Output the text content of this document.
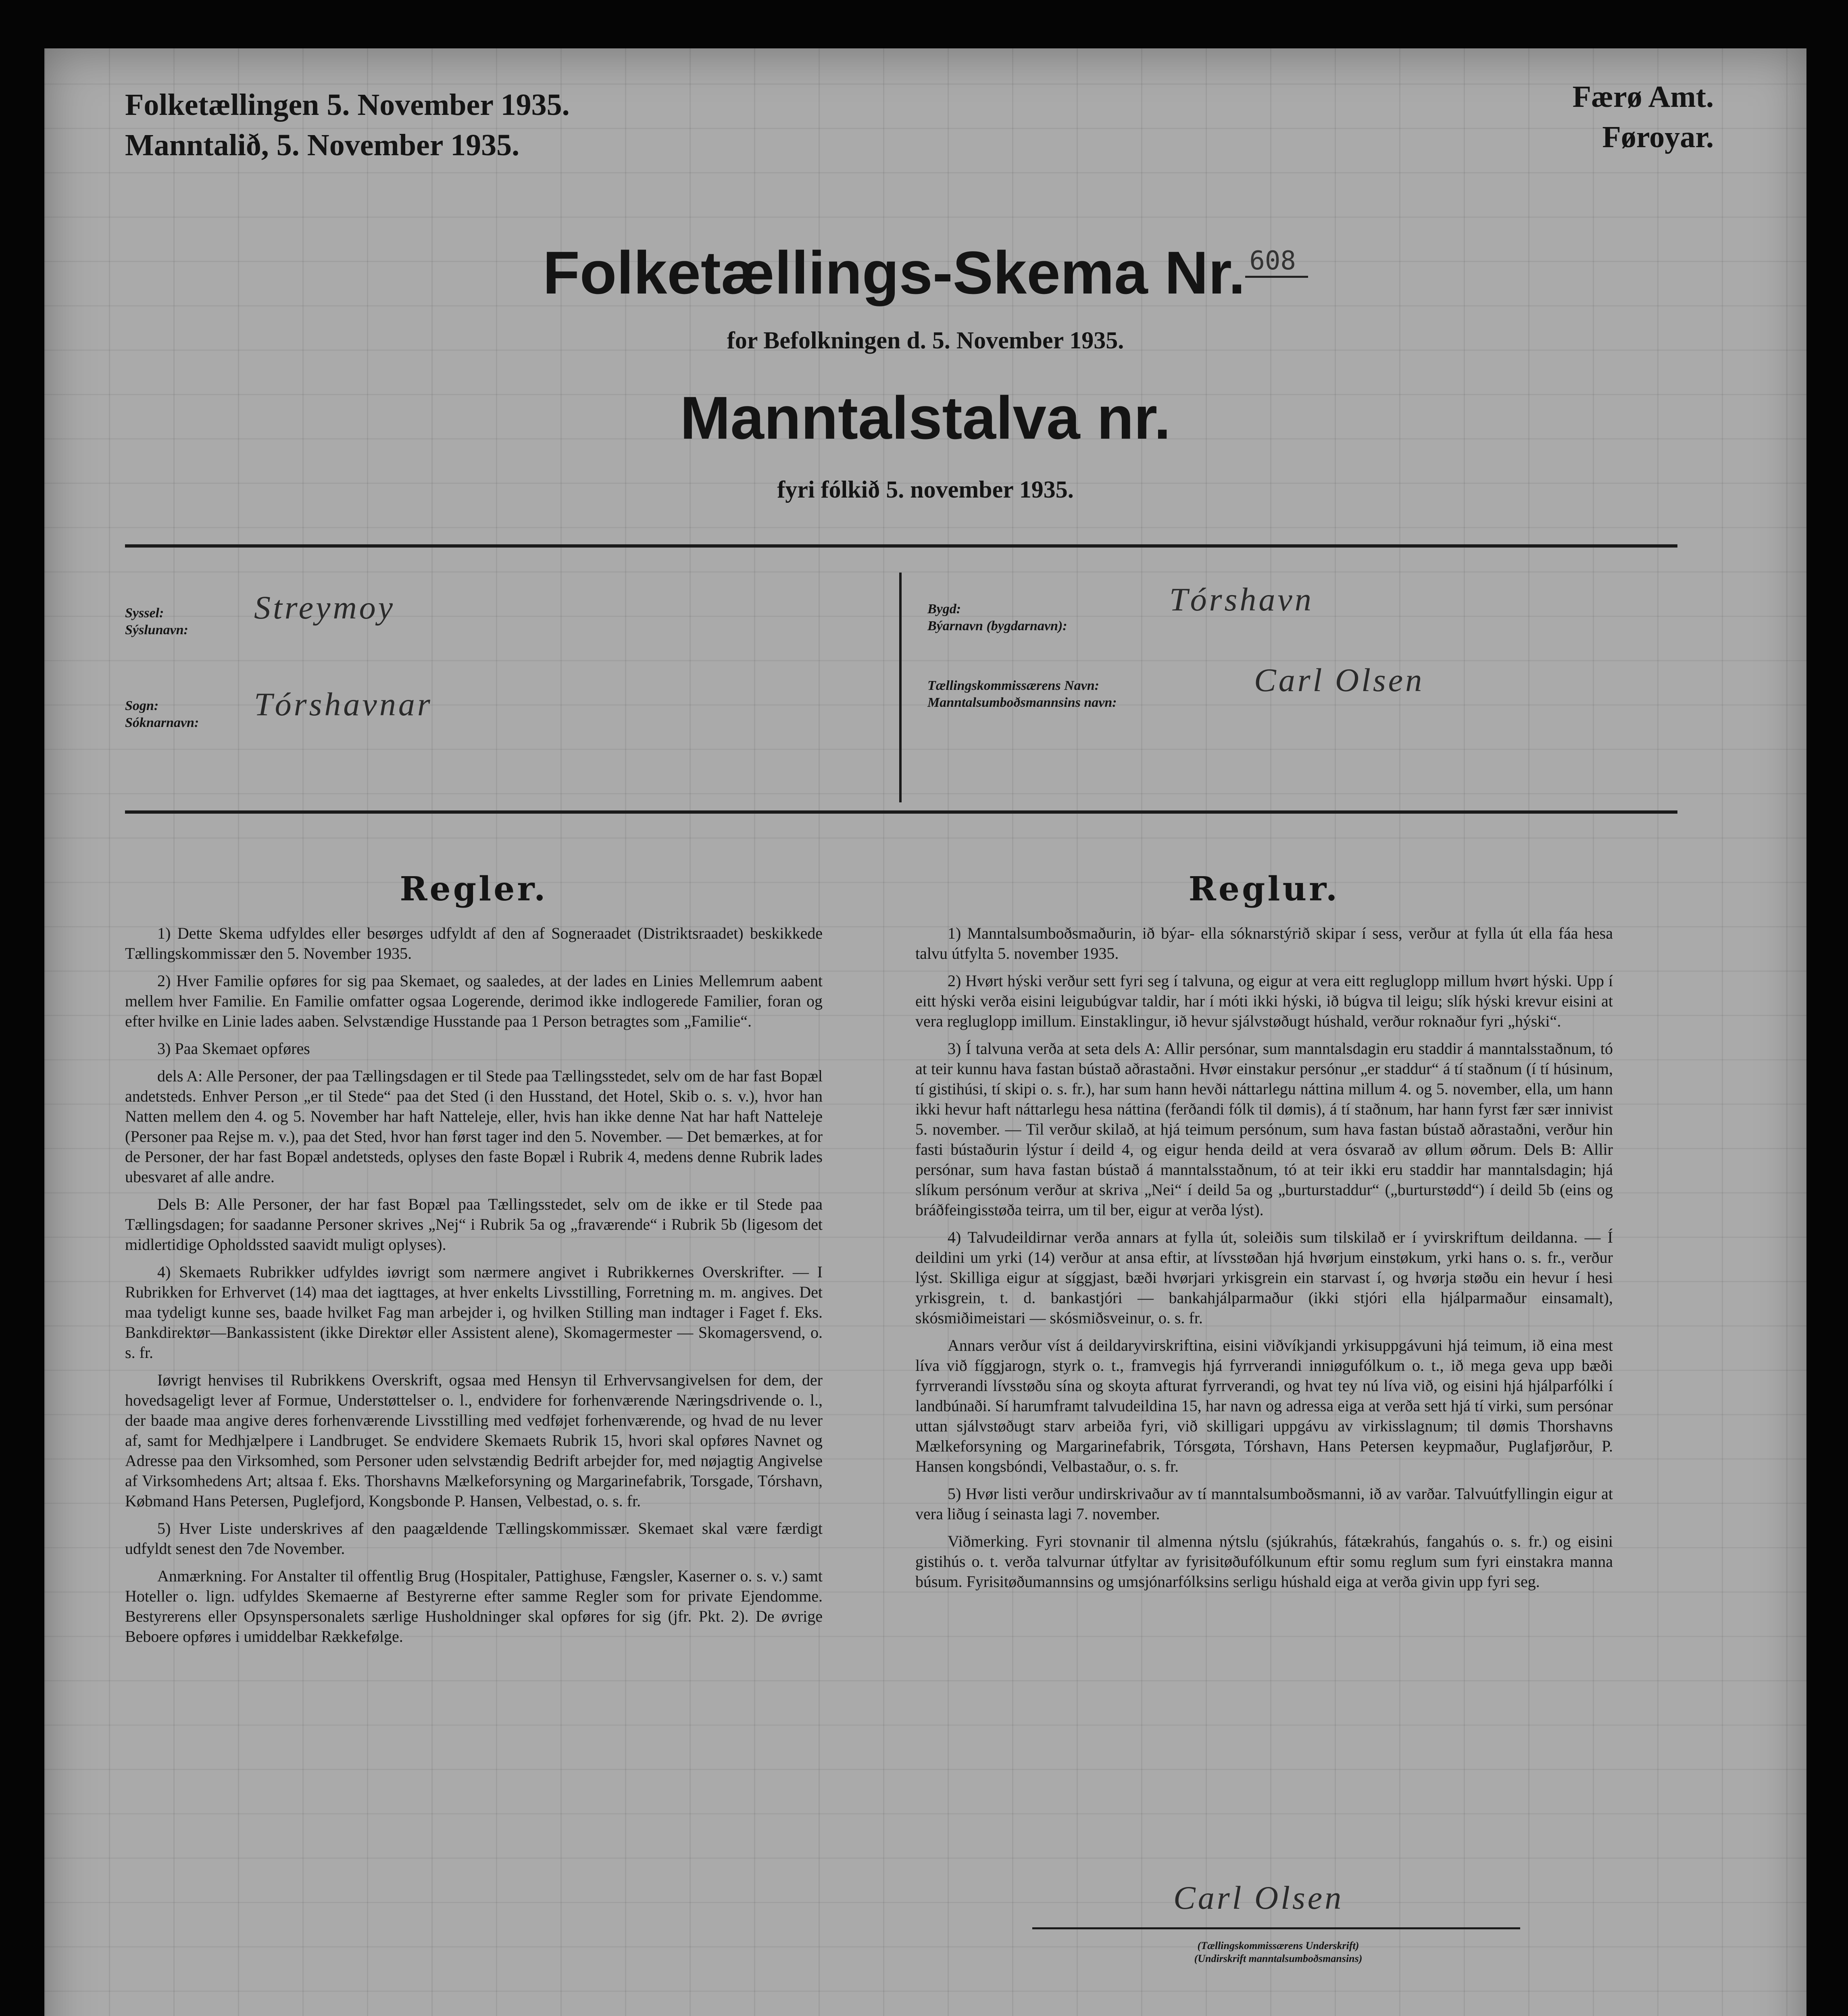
Folketællingen 5. November 1935.
Manntalið, 5. November 1935.
Færø Amt.
Føroyar.
Folketællings-Skema Nr. 608
for Befolkningen d. 5. November 1935.
Manntalstalva nr.
fyri fólkið 5. november 1935.
Syssel:
Sýslunavn:
Streymoy
Sogn:
Sóknarnavn:
Tórshavnar
Bygd:
Býarnavn (bygdarnavn):
Tórshavn
Tællingskommissærens Navn:
Manntalsumboðsmannsins navn:
Carl Olsen
Regler.

1) Dette Skema udfyldes eller besørges udfyldt af den af Sogneraadet (Distriktsraadet) beskikkede Tællingskommissær den 5. November 1935.

2) Hver Familie opføres for sig paa Skemaet, og saaledes, at der lades en Linies Mellemrum aabent mellem hver Familie. En Familie omfatter ogsaa Logerende, derimod ikke indlogerede Familier, foran og efter hvilke en Linie lades aaben. Selvstændige Husstande paa 1 Person betragtes som „Familie“.

3) Paa Skemaet opføres

dels A: Alle Personer, der paa Tællingsdagen er til Stede paa Tællingsstedet, selv om de har fast Bopæl andetsteds. Enhver Person „er til Stede“ paa det Sted (i den Husstand, det Hotel, Skib o. s. v.), hvor han Natten mellem den 4. og 5. November har haft Natteleje, eller, hvis han ikke denne Nat har haft Natteleje (Personer paa Rejse m. v.), paa det Sted, hvor han først tager ind den 5. November. — Det bemærkes, at for de Personer, der har fast Bopæl andetsteds, oplyses den faste Bopæl i Rubrik 4, medens denne Rubrik lades ubesvaret af alle andre.

Dels B: Alle Personer, der har fast Bopæl paa Tællingsstedet, selv om de ikke er til Stede paa Tællingsdagen; for saadanne Personer skrives „Nej“ i Rubrik 5a og „fraværende“ i Rubrik 5b (ligesom det midlertidige Opholdssted saavidt muligt oplyses).

4) Skemaets Rubrikker udfyldes iøvrigt som nærmere angivet i Rubrikkernes Overskrifter. — I Rubrikken for Erhvervet (14) maa det iagttages, at hver enkelts Livsstilling, Forretning m. m. angives. Det maa tydeligt kunne ses, baade hvilket Fag man arbejder i, og hvilken Stilling man indtager i Faget f. Eks. Bankdirektør—Bankassistent (ikke Direktør eller Assistent alene), Skomagermester — Skomagersvend, o. s. fr.

Iøvrigt henvises til Rubrikkens Overskrift, ogsaa med Hensyn til Erhvervsangivelsen for dem, der hovedsageligt lever af Formue, Understøttelser o. l., endvidere for forhenværende Næringsdrivende o. l., der baade maa angive deres forhenværende Livsstilling med vedføjet forhenværende, og hvad de nu lever af, samt for Medhjælpere i Landbruget. Se endvidere Skemaets Rubrik 15, hvori skal opføres Navnet og Adresse paa den Virksomhed, som Personer uden selvstændig Bedrift arbejder for, med nøjagtig Angivelse af Virksomhedens Art; altsaa f. Eks. Thorshavns Mælkeforsyning og Margarinefabrik, Torsgade, Tórshavn, Købmand Hans Petersen, Puglefjord, Kongsbonde P. Hansen, Velbestad, o. s. fr.

5) Hver Liste underskrives af den paagældende Tællingskommissær. Skemaet skal være færdigt udfyldt senest den 7de November.

Anmærkning. For Anstalter til offentlig Brug (Hospitaler, Pattighuse, Fængsler, Kaserner o. s. v.) samt Hoteller o. lign. udfyldes Skemaerne af Bestyrerne efter samme Regler som for private Ejendomme. Bestyrerens eller Opsynspersonalets særlige Husholdninger skal opføres for sig (jfr. Pkt. 2). De øvrige Beboere opføres i umiddelbar Rækkefølge.

Reglur.

1) Manntalsumboðsmaðurin, ið býar- ella sóknarstýrið skipar í sess, verður at fylla út ella fáa hesa talvu útfylta 5. november 1935.

2) Hvørt hýski verður sett fyri seg í talvuna, og eigur at vera eitt regluglopp millum hvørt hýski. Upp í eitt hýski verða eisini leigubúgvar taldir, har í móti ikki hýski, ið búgva til leigu; slík hýski krevur eisini at vera regluglopp imillum. Einstaklingur, ið hevur sjálvstøðugt húshald, verður roknaður fyri „hýski“.

3) Í talvuna verða at seta dels A: Allir persónar, sum manntalsdagin eru staddir á manntalsstaðnum, tó at teir kunnu hava fastan bústað aðrastaðni. Hvør einstakur persónur „er staddur“ á tí staðnum (í tí húsinum, tí gistihúsi, tí skipi o. s. fr.), har sum hann hevði náttarlegu náttina millum 4. og 5. november, ella, um hann ikki hevur haft náttarlegu hesa náttina (ferðandi fólk til dømis), á tí staðnum, har hann fyrst fær sær innivist 5. november. — Til verður skilað, at hjá teimum persónum, sum hava fastan bústað aðrastaðni, verður hin fasti bústaðurin lýstur í deild 4, og eigur henda deild at vera ósvarað av øllum øðrum. Dels B: Allir persónar, sum hava fastan bústað á manntalsstaðnum, tó at teir ikki eru staddir har manntalsdagin; hjá slíkum persónum verður at skriva „Nei“ í deild 5a og „burturstaddur“ („burturstødd“) í deild 5b (eins og bráðfeingisstøða teirra, um til ber, eigur at verða lýst).

4) Talvudeildirnar verða annars at fylla út, soleiðis sum tilskilað er í yvirskriftum deildanna. — Í deildini um yrki (14) verður at ansa eftir, at lívsstøðan hjá hvørjum einstøkum, yrki hans o. s. fr., verður lýst. Skilliga eigur at síggjast, bæði hvørjari yrkisgrein ein starvast í, og hvørja støðu ein hevur í hesi yrkisgrein, t. d. bankastjóri — bankahjálparmaður (ikki stjóri ella hjálparmaður einsamalt), skósmiðimeistari — skósmiðsveinur, o. s. fr.

Annars verður víst á deildaryvirskriftina, eisini viðvíkjandi yrkisuppgávuni hjá teimum, ið eina mest líva við fíggjarogn, styrk o. t., framvegis hjá fyrrverandi inniøgufólkum o. t., ið mega geva upp bæði fyrrverandi lívsstøðu sína og skoyta afturat fyrrverandi, og hvat tey nú líva við, og eisini hjá hjálparfólki í landbúnaði. Sí harumframt talvudeildina 15, har navn og adressa eiga at verða sett hjá tí virki, sum persónar uttan sjálvstøðugt starv arbeiða fyri, við skilligari uppgávu av virkisslagnum; til dømis Thorshavns Mælkeforsyning og Margarinefabrik, Tórsgøta, Tórshavn, Hans Petersen keypmaður, Puglafjørður, P. Hansen kongsbóndi, Velbastaður, o. s. fr.

5) Hvør listi verður undirskrivaður av tí manntalsumboðsmanni, ið av varðar. Talvuútfyllingin eigur at vera liðug í seinasta lagi 7. november.

Viðmerking. Fyri stovnanir til almenna nýtslu (sjúkrahús, fátækrahús, fangahús o. s. fr.) og eisini gistihús o. t. verða talvurnar útfyltar av fyrisitøðufólkunum eftir somu reglum sum fyri einstakra manna búsum. Fyrisitøðumannsins og umsjónarfólksins serligu húshald eiga at verða givin upp fyri seg.

Carl Olsen
(Tællingskommissærens Underskrift)
(Undirskrift manntalsumboðsmansins)
